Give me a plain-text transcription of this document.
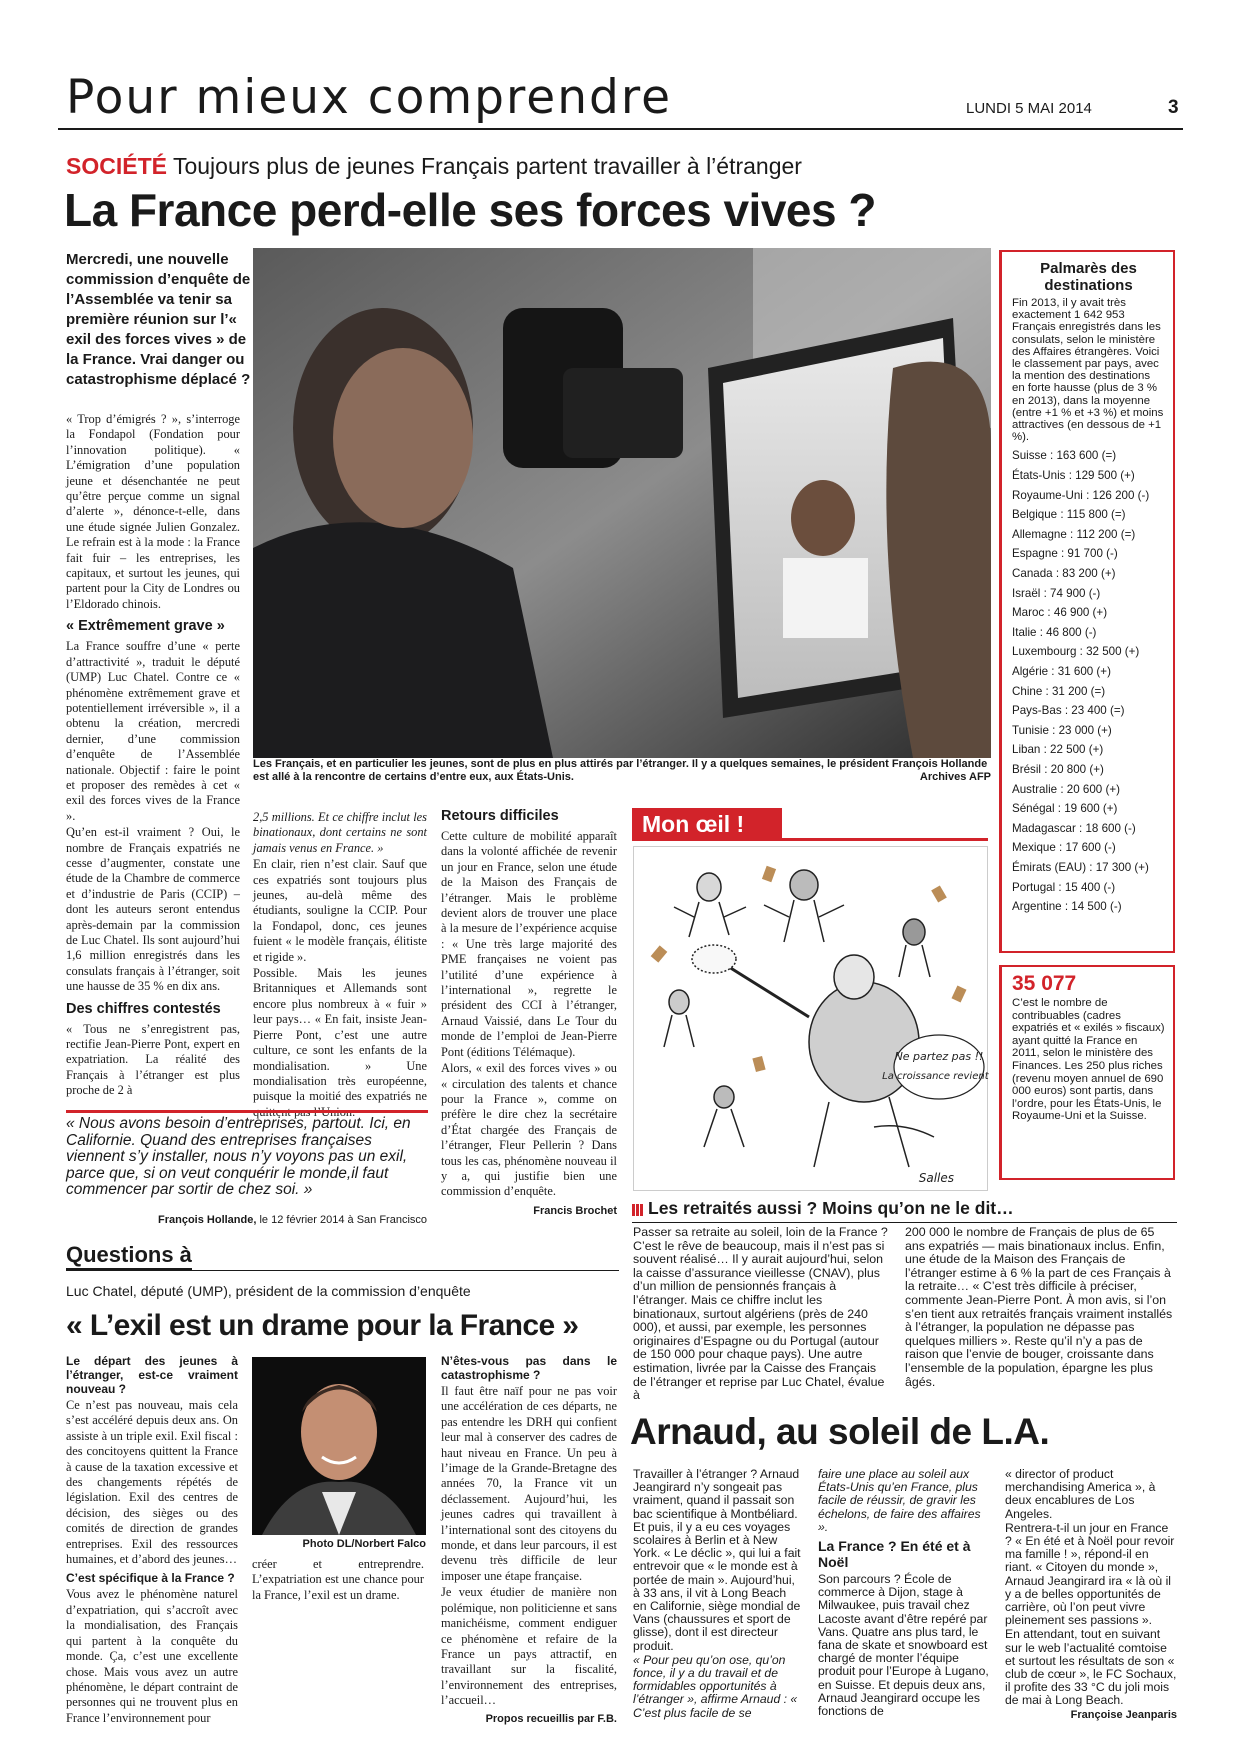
Pour mieux comprendre	LUNDI 5 MAI 2014	3
SOCIÉTÉ Toujours plus de jeunes Français partent travailler à l’étranger
La France perd-elle ses forces vives ?
Mercredi, une nouvelle commission d’enquête de l’Assemblée va tenir sa première réunion sur l’« exil des forces vives » de la France. Vrai danger ou catastrophisme déplacé ?
Les Français, et en particulier les jeunes, sont de plus en plus attirés par l’étranger. Il y a quelques semaines, le président François Hollande est allé à la rencontre de certains d’entre eux, aux États-Unis.	Archives AFP

« Trop d’émigrés ? », s’interroge la Fondapol (Fondation pour l’innovation politique). « L’émigration d’une population jeune et désenchantée ne peut qu’être perçue comme un signal d’alerte », dénonce-t-elle, dans une étude signée Julien Gonzalez. Le refrain est à la mode : la France fait fuir – les entreprises, les capitaux, et surtout les jeunes, qui partent pour la City de Londres ou l’Eldorado chinois.

« Extrêmement grave »

La France souffre d’une « perte d’attractivité », traduit le député (UMP) Luc Chatel. Contre ce « phénomène extrêmement grave et potentiellement irréversible », il a obtenu la création, mercredi dernier, d’une commission d’enquête de l’Assemblée nationale. Objectif : faire le point et proposer des remèdes à cet « exil des forces vives de la France ».

Qu’en est-il vraiment ? Oui, le nombre de Français expatriés ne cesse d’augmenter, constate une étude de la Chambre de commerce et d’industrie de Paris (CCIP) – dont les auteurs seront entendus après-demain par la commission de Luc Chatel. Ils sont aujourd’hui 1,6 million enregistrés dans les consulats français à l’étranger, soit une hausse de 35 % en dix ans.

Des chiffres contestés

« Tous ne s’enregistrent pas, rectifie Jean-Pierre Pont, expert en expatriation. La réalité des Français à l’étranger est plus proche de 2 à

2,5 millions. Et ce chiffre inclut les binationaux, dont certains ne sont jamais venus en France. »

En clair, rien n’est clair. Sauf que ces expatriés sont toujours plus jeunes, au-delà même des étudiants, souligne la CCIP. Pour la Fondapol, donc, ces jeunes fuient « le modèle français, élitiste et rigide ».

Possible. Mais les jeunes Britanniques et Allemands sont encore plus nombreux à « fuir » leur pays… « En fait, insiste Jean-Pierre Pont, c’est une autre culture, ce sont les enfants de la mondialisation. » Une mondialisation très européenne, puisque la moitié des expatriés ne

Retours difficiles

Cette culture de mobilité apparaît dans la volonté affichée de revenir un jour en France, selon une étude de la Maison des Français de l’étranger. Mais le problème devient alors de trouver une place à la mesure de l’expérience acquise : « Une très large majorité des PME françaises ne voient pas l’utilité d’une expérience à l’international », regrette le président des CCI à l’étranger, Arnaud Vaissié, dans Le Tour du monde de l’emploi de Jean-Pierre Pont (éditions Télémaque).

Alors, « exil des forces vives » ou « circulation des talents et chance pour la France », comme on préfère le dire chez la secrétaire d’État chargée des Français de l’étranger, Fleur Pellerin ? Dans tous les cas, phénomène nouveau il y a, qui justifie bien une commission d’enquête.

Francis Brochet
« Nous avons besoin d’entreprises, partout. Ici, en Californie. Quand des entreprises françaises viennent s’y installer, nous n’y voyons pas un exil, parce que, si on veut conquérir le monde,il faut commencer par sortir de chez soi. »
François Hollande, le 12 février 2014 à San Francisco
Mon œil !
Ne partez pas !!
La croissance revient !
Salles
Palmarès des
destinations
Fin 2013, il y avait très exactement 1 642 953 Français enregistrés dans les consulats, selon le ministère des Affaires étrangères. Voici le classement par pays, avec la mention des destinations en forte hausse (plus de 3 % en 2013), dans la moyenne (entre +1 % et +3 %) et moins attractives (en dessous de +1 %).
Suisse : 163 600 (=)
États-Unis : 129 500 (+)
Royaume-Uni : 126 200 (-)
Belgique : 115 800 (=)
Allemagne : 112 200 (=)
Espagne : 91 700 (-)
Canada : 83 200 (+)
Israël : 74 900 (-)
Maroc : 46 900 (+)
Italie : 46 800 (-)
Luxembourg : 32 500 (+)
Algérie : 31 600 (+)
Chine : 31 200 (=)
Pays-Bas : 23 400 (=)
Tunisie : 23 000 (+)
Liban : 22 500 (+)
Brésil : 20 800 (+)
Australie : 20 600 (+)
Sénégal : 19 600 (+)
Madagascar : 18 600 (-)
Mexique : 17 600 (-)
Émirats (EAU) : 17 300 (+)
Portugal : 15 400 (-)
Argentine : 14 500 (-)
35 077
C’est le nombre de contribuables (cadres expatriés et « exilés » fiscaux) ayant quitté la France en 2011, selon le ministère des Finances. Les 250 plus riches (revenu moyen annuel de 690 000 euros) sont partis, dans l’ordre, pour les États-Unis, le Royaume-Uni et la Suisse.
Les retraités aussi ? Moins qu’on ne le dit…
Passer sa retraite au soleil, loin de la France ? C’est le rêve de beaucoup, mais il n’est pas si souvent réalisé… Il y aurait aujourd’hui, selon la caisse d’assurance vieillesse (CNAV), plus d’un million de pensionnés français à l’étranger. Mais ce chiffre inclut les binationaux, surtout algériens (près de 240 000), et aussi, par exemple, les personnes originaires d’Espagne ou du Portugal (autour de 150 000 pour chaque pays). Une autre estimation, livrée par la Caisse des Français de l’étranger et reprise par Luc Chatel, évalue à
200 000 le nombre de Français de plus de 65 ans expatriés — mais binationaux inclus. Enfin, une étude de la Maison des Français de l’étranger estime à 6 % la part de ces Français à la retraite… « C’est très difficile à préciser, commente Jean-Pierre Pont. À mon avis, si l’on s’en tient aux retraités français vraiment installés à l’étranger, la population ne dépasse pas quelques milliers ». Reste qu’il n’y a pas de raison que l’envie de bouger, croissante dans l’ensemble de la population, épargne les plus âgés.
Questions à
Luc Chatel, député (UMP), président de la commission d’enquête
« L’exil est un drame pour la France »
Le départ des jeunes à l’étranger, est-ce vraiment nouveau ?

Ce n’est pas nouveau, mais cela s’est accéléré depuis deux ans. On assiste à un triple exil. Exil fiscal : des concitoyens quittent la France à cause de la taxation excessive et des changements répétés de législation. Exil des centres de décision, des sièges ou des comités de direction de grandes entreprises. Exil des ressources humaines, et d’abord des jeunes…

C’est spécifique à la France ?

Vous avez le phénomène naturel d’expatriation, qui s’accroît avec la mondialisation, des Français qui partent à la conquête du monde. Ça, c’est une excellente chose. Mais vous avez un autre phénomène, le départ contraint de personnes qui ne trouvent plus en France l’environnement pour

Photo DL/Norbert Falco
créer et entreprendre. L’expatriation est une chance pour la France, l’exil est un drame.
N’êtes-vous pas dans le catastrophisme ?

Il faut être naïf pour ne pas voir une accélération de ces départs, ne pas entendre les DRH qui confient leur mal à conserver des cadres de haut niveau en France. Un peu à l’image de la Grande-Bretagne des années 70, la France vit un déclassement. Aujourd’hui, les jeunes cadres qui travaillent à l’international sont des citoyens du monde, et dans leur parcours, il est devenu très difficile de leur imposer une étape française.

Je veux étudier de manière non polémique, non politicienne et sans manichéisme, comment endiguer ce phénomène et refaire de la France un pays attractif, en travaillant sur la fiscalité, l’environnement des entreprises, l’accueil…

Propos recueillis par F.B.
Arnaud, au soleil de L.A.

Travailler à l’étranger ? Arnaud Jeangirard n’y songeait pas vraiment, quand il passait son bac scientifique à Montbéliard. Et puis, il y a eu ces voyages scolaires à Berlin et à New York. « Le déclic », qui lui a fait entrevoir que « le monde est à portée de main ». Aujourd’hui, à 33 ans, il vit à Long Beach en Californie, siège mondial de Vans (chaussures et sport de glisse), dont il est directeur produit.

« Pour peu qu’on ose, qu’on fonce, il y a du travail et de formidables opportunités à l’étranger », affirme Arnaud : « C’est plus facile de se

faire une place au soleil aux États-Unis qu’en France, plus facile de réussir, de gravir les échelons, de faire des affaires ».

La France ? En été et à Noël

Son parcours ? École de commerce à Dijon, stage à Milwaukee, puis travail chez Lacoste avant d’être repéré par Vans. Quatre ans plus tard, le fana de skate et snowboard est chargé de monter l’équipe produit pour l’Europe à Lugano, en Suisse. Et depuis deux ans, Arnaud Jeangirard occupe les fonctions de

« director of product merchandising America », à deux encablures de Los Angeles.

Rentrera-t-il un jour en France ? « En été et à Noël pour revoir ma famille ! », répond-il en riant. « Citoyen du monde », Arnaud Jeangirard ira « là où il y a de belles opportunités de carrière, où l’on peut vivre pleinement ses passions ».

En attendant, tout en suivant sur le web l’actualité comtoise et surtout les résultats de son « club de cœur », le FC Sochaux, il profite des 33 °C du joli mois de mai à Long Beach.

Françoise Jeanparis
